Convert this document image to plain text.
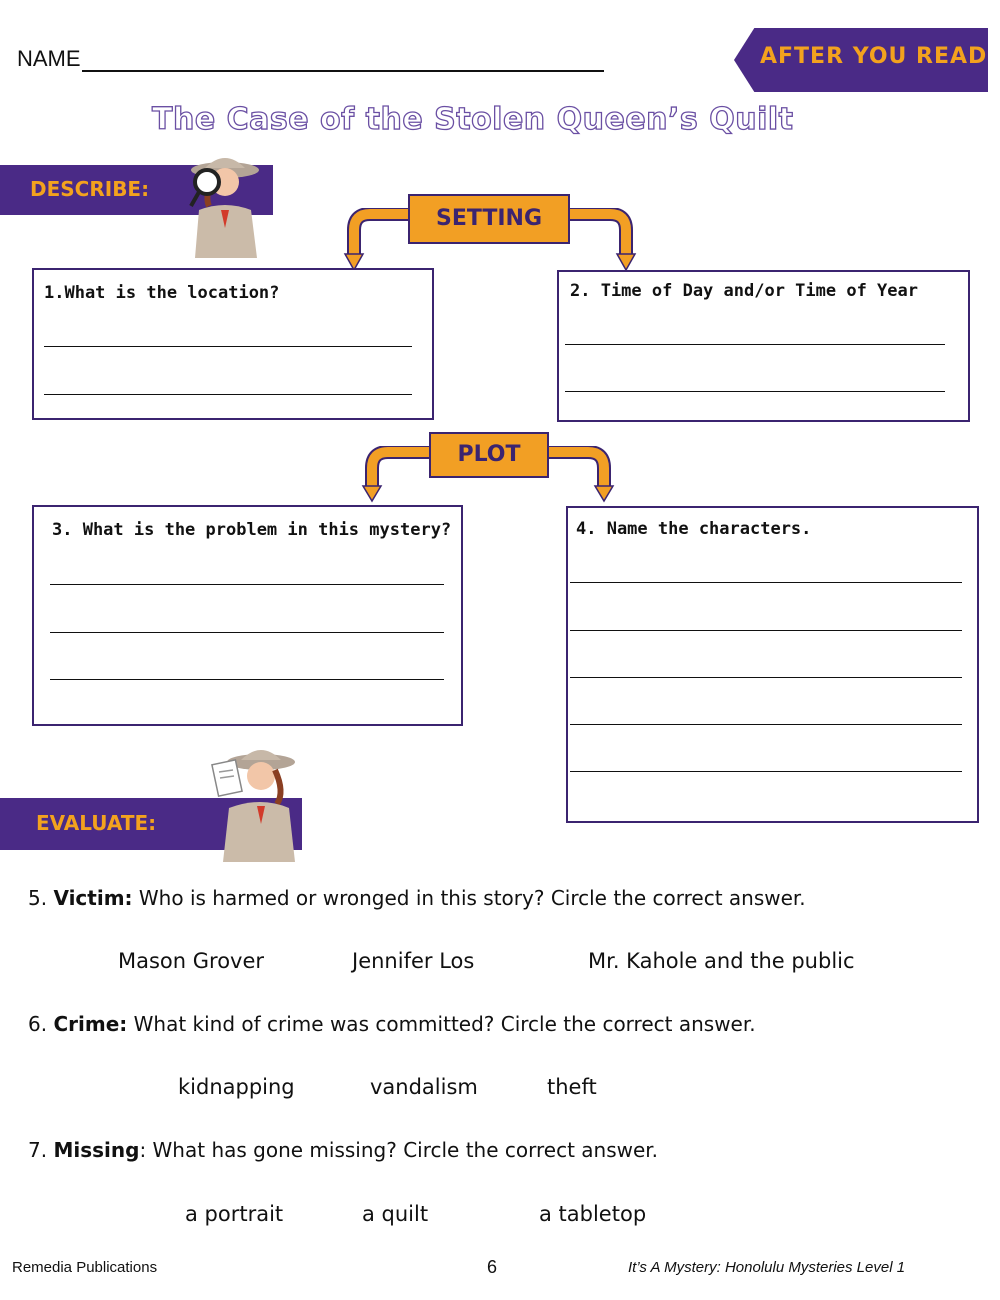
NAME	AFTER YOU READ
The Case of the Stolen Queen’s Quilt
DESCRIBE:
SETTING
1.What is the location?	2. Time of Day and/or Time of Year
PLOT
3. What is the problem in this mystery?	4. Name the characters.
EVALUATE:
5. Victim: Who is harmed or wronged in this story? Circle the correct answer.
Mason Grover	Jennifer Los	Mr. Kahole and the public
6. Crime: What kind of crime was committed? Circle the correct answer.
kidnapping	vandalism	theft
7. Missing: What has gone missing? Circle the correct answer.
a portrait	a quilt	a tabletop
Remedia Publications	6	It’s A Mystery: Honolulu Mysteries Level 1
